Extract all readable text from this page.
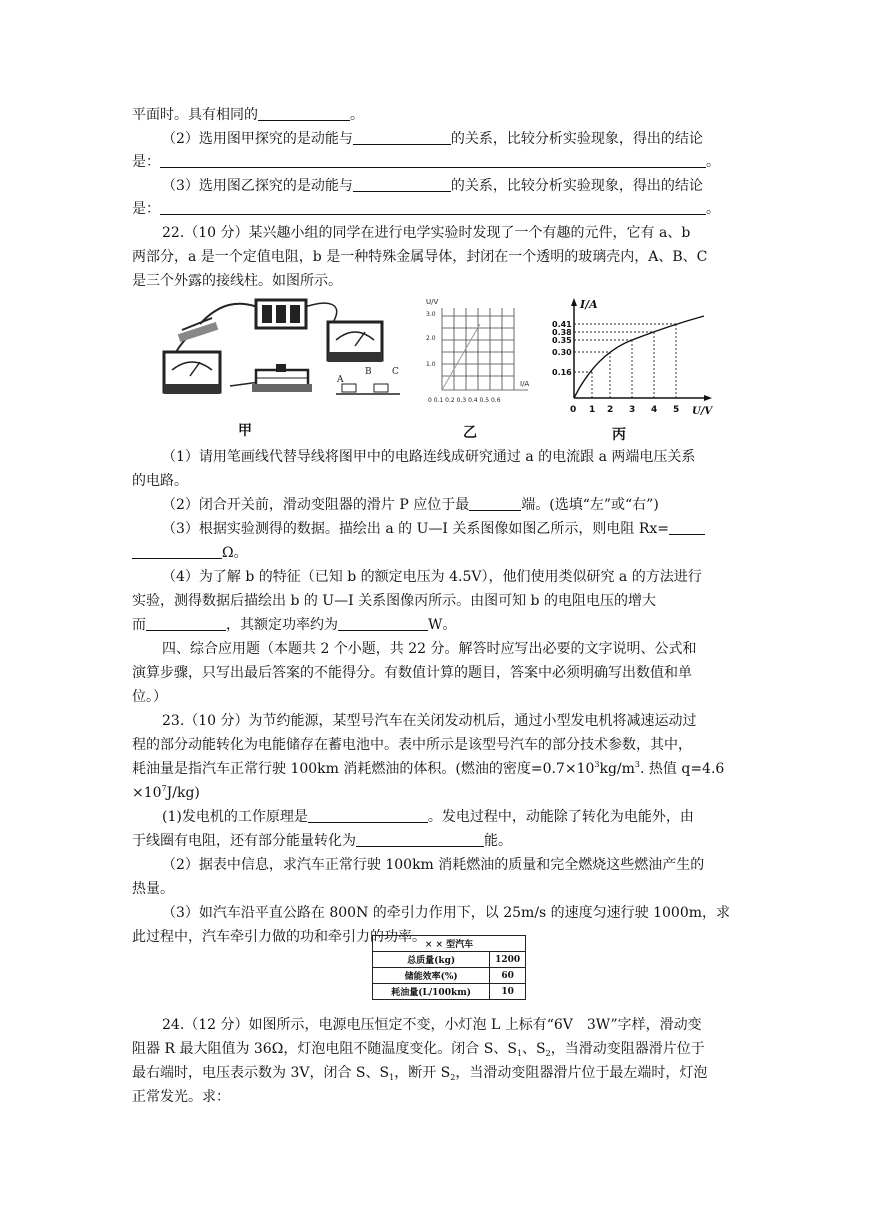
平面时。具有相同的	。
（2）选用图甲探究的是动能与	的关系，比较分析实验现象，得出的结论
是：	。
（3）选用图乙探究的是动能与	的关系，比较分析实验现象，得出的结论
是：	。
22.（10 分）某兴趣小组的同学在进行电学实验时发现了一个有趣的元件，它有 a、b
两部分，a 是一个定值电阻，b 是一种特殊金属导体，封闭在一个透明的玻璃壳内，A、B、C
是三个外露的接线柱。如图所示。
A
B C
甲
U/V
3.0
2.0
1.0
I/A
0 0.1 0.2 0.3 0.4 0.5 0.6
乙
I/A
U/V
0.41
0.38
0.35
0.30
0.16
0 1 2 3 4 5
丙
（1）请用笔画线代替导线将图甲中的电路连线成研究通过 a 的电流跟 a 两端电压关系
的电路。
（2）闭合开关前，滑动变阻器的滑片 P 应位于最	端。(选填“左”或“右”)
（3）根据实验测得的数据。描绘出 a 的 U—I 关系图像如图乙所示，则电阻 Rx=
Ω。
（4）为了解 b 的特征（已知 b 的额定电压为 4.5V），他们使用类似研究 a 的方法进行
实验，测得数据后描绘出 b 的 U—I 关系图像丙所示。由图可知 b 的电阻电压的增大
而	，其额定功率约为	W。
四、综合应用题（本题共 2 个小题，共 22 分。解答时应写出必要的文字说明、公式和
演算步骤，只写出最后答案的不能得分。有数值计算的题目，答案中必须明确写出数值和单
位。）
23.（10 分）为节约能源，某型号汽车在关闭发动机后，通过小型发电机将减速运动过
程的部分动能转化为电能储存在蓄电池中。表中所示是该型号汽车的部分技术参数，其中，
耗油量是指汽车正常行驶 100km 消耗燃油的体积。(燃油的密度$=0.7\times 10^3kg/m^3$. 热值 q=4.6
$\times 10^7J/kg$)
(1)发电机的工作原理是	。发电过程中，动能除了转化为电能外，由
于线圈有电阻，还有部分能量转化为	能。
（2）据表中信息，求汽车正常行驶 100km 消耗燃油的质量和完全燃烧这些燃油产生的
热量。
（3）如汽车沿平直公路在 800N 的牵引力作用下，以 25m/s 的速度匀速行驶 1000m，求
此过程中，汽车牵引力做的功和牵引力的功率。
× × 型汽车	
总质量(kg)	1200
储能效率(%)	60
耗油量(L/100km)	10
24.（12 分）如图所示，电源电压恒定不变，小灯泡 L 上标有“6V　3W”字样，滑动变
阻器 R 最大阻值为 36Ω，灯泡电阻不随温度变化。闭合 S、$S_1$、$S_2$，当滑动变阻器滑片位于
最右端时，电压表示数为 3V，闭合 S、$S_1$，断开 $S_2$，当滑动变阻器滑片位于最左端时，灯泡
正常发光。求：
